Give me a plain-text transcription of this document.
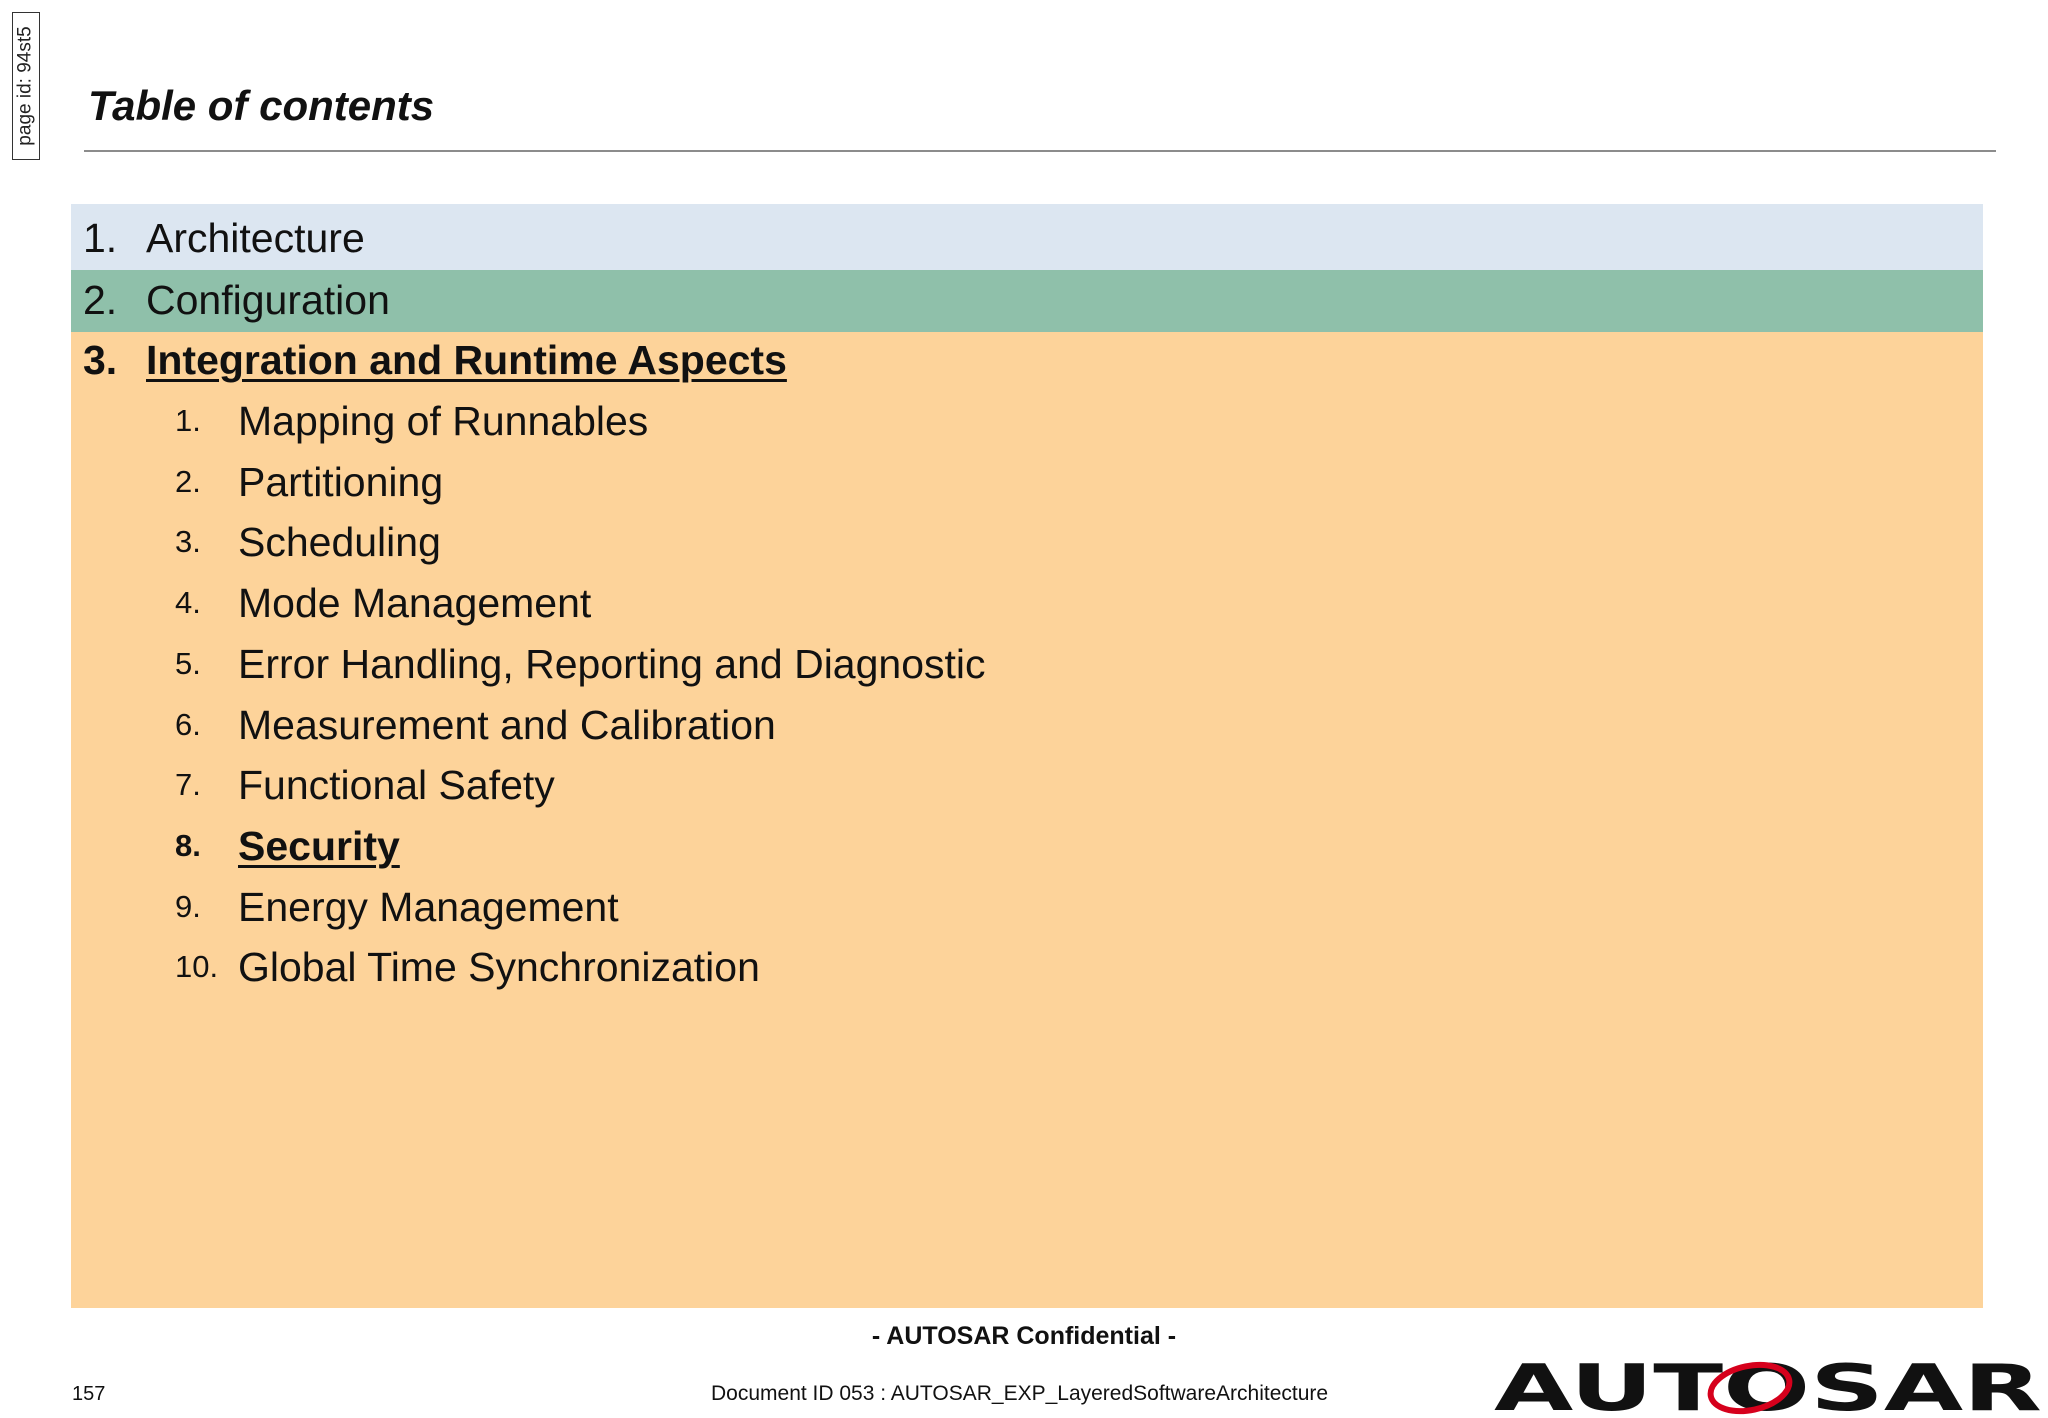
page id: 94st5 Table of contents
1. Architecture
2. Configuration
3. Integration and Runtime Aspects
1. Mapping of Runnables
2. Partitioning
3. Scheduling
4. Mode Management
5. Error Handling, Reporting and Diagnostic
6. Measurement and Calibration
7. Functional Safety
8. Security
9. Energy Management
10. Global Time Synchronization
- AUTOSAR Confidential -
157	Document ID 053 : AUTOSAR_EXP_LayeredSoftwareArchitecture	AUTOSAR
